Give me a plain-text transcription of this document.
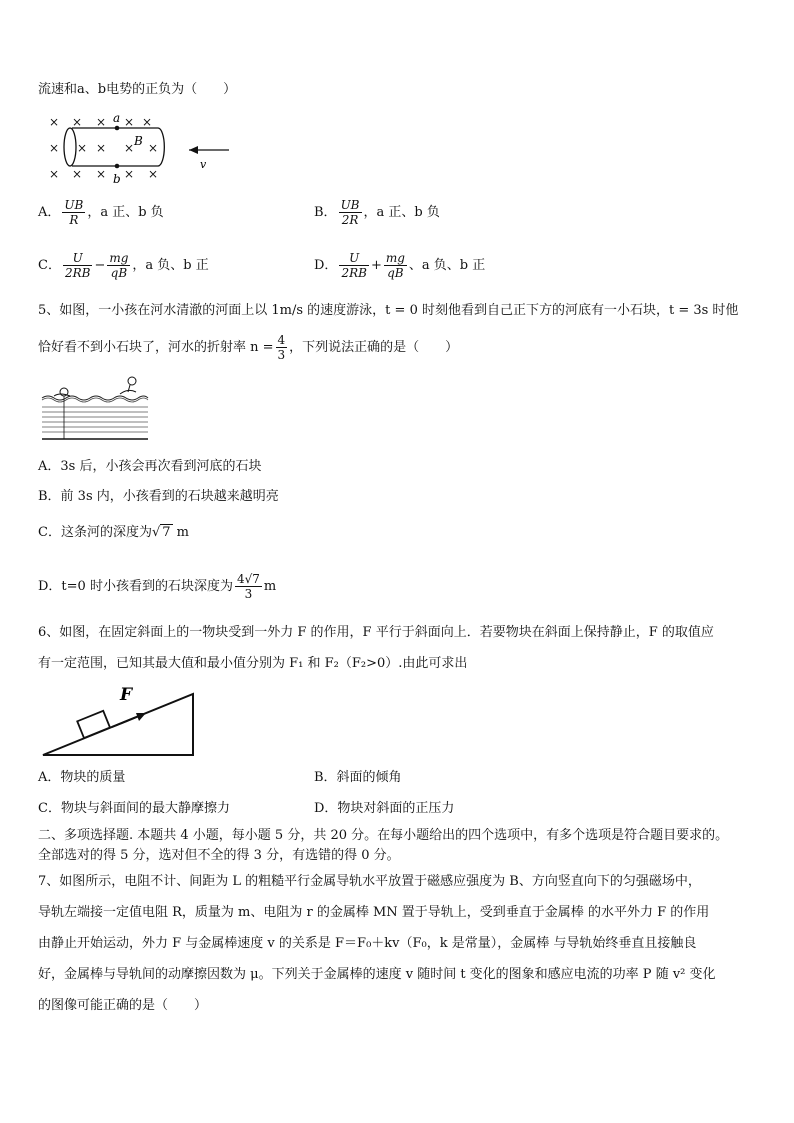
流速和a、b电势的正负为（　　）
× × × × ×
× × × × ×
× × × × ×
a
b
B
v
A． $\frac{UB}{R}$ ，a 正、b 负	B． $\frac{UB}{2R}$ ，a 正、b 负
C． $\frac{U}{2RB} - \frac{mg}{qB}$ ，a 负、b 正	D． $\frac{U}{2RB} + \frac{mg}{qB}$ 、a 负、b 正
5、如图，一小孩在河水清澈的河面上以 1m/s 的速度游泳，t = 0 时刻他看到自己正下方的河底有一小石块，t = 3s 时他
恰好看不到小石块了，河水的折射率 $n = \frac{4}{3}$ ，下列说法正确的是（　　）
A．3s 后，小孩会再次看到河底的石块
B．前 3s 内，小孩看到的石块越来越明亮
C．这条河的深度为√ 7 m
D．t=0 时小孩看到的石块深度为 $\frac{4√7}{3}$ m
6、如图，在固定斜面上的一物块受到一外力 F 的作用，F 平行于斜面向上．若要物块在斜面上保持静止，F 的取值应
有一定范围，已知其最大值和最小值分别为 F₁ 和 F₂（F₂>0）.由此可求出
F
A．物块的质量	B．斜面的倾角
C．物块与斜面间的最大静摩擦力	D．物块对斜面的正压力
二、多项选择题. 本题共 4 小题，每小题 5 分，共 20 分。在每小题给出的四个选项中，有多个选项是符合题目要求的。
全部选对的得 5 分，选对但不全的得 3 分，有选错的得 0 分。
7、如图所示，电阻不计、间距为 L 的粗糙平行金属导轨水平放置于磁感应强度为 B、方向竖直向下的匀强磁场中，
导轨左端接一定值电阻 R，质量为 m、电阻为 r 的金属棒 MN 置于导轨上，受到垂直于金属棒 的水平外力 F 的作用
由静止开始运动，外力 F 与金属棒速度 v 的关系是 F＝F₀＋kv（F₀，k 是常量），金属棒 与导轨始终垂直且接触良
好，金属棒与导轨间的动摩擦因数为 μ。下列关于金属棒的速度 v 随时间 t 变化的图象和感应电流的功率 P 随 v² 变化
的图像可能正确的是（　　）
